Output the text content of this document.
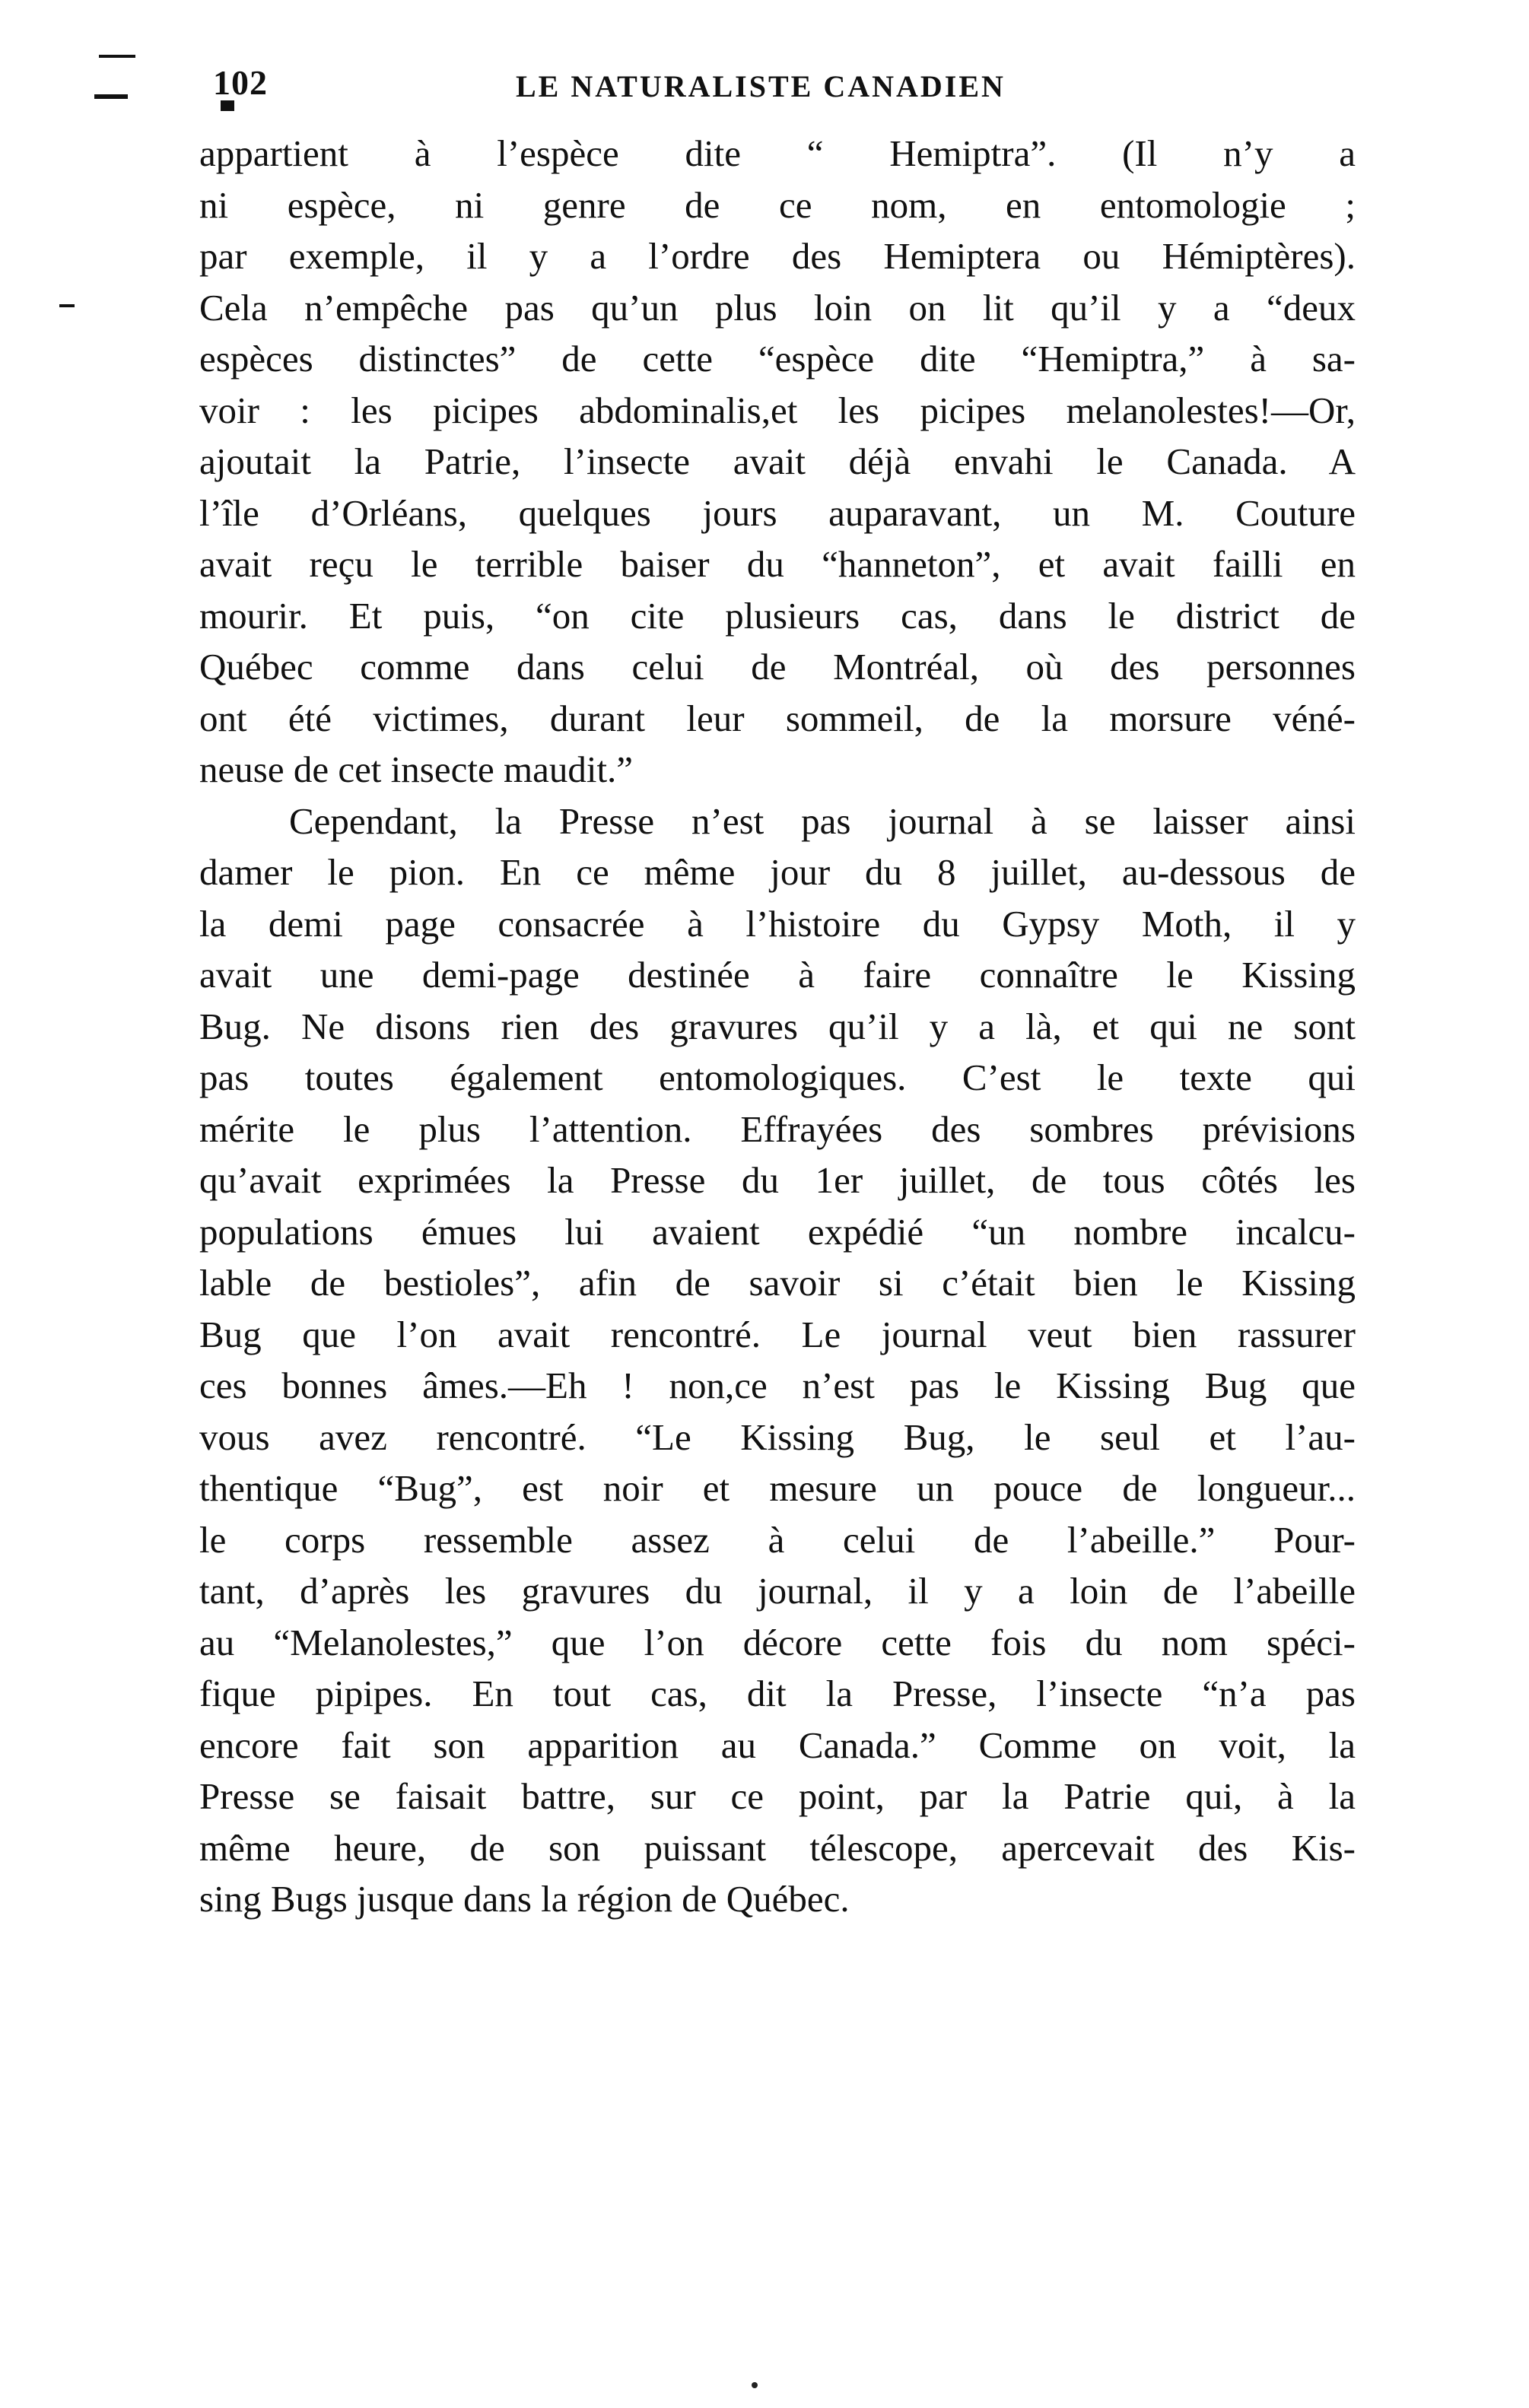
102	LE NATURALISTE CANADIEN
appartient à l’espèce dite “ Hemiptra”. (Il n’y a
ni espèce, ni genre de ce nom, en entomologie ;
par exemple, il y a l’ordre des Hemiptera ou Hémiptères).
Cela n’empêche pas qu’un plus loin on lit qu’il y a “deux
espèces distinctes” de cette “espèce dite “Hemiptra,” à sa-
voir : les picipes abdominalis,et les picipes melanolestes!—Or,
ajoutait la Patrie, l’insecte avait déjà envahi le Canada. A
l’île d’Orléans, quelques jours auparavant, un M. Couture
avait reçu le terrible baiser du “hanneton”, et avait failli en
mourir. Et puis, “on cite plusieurs cas, dans le district de
Québec comme dans celui de Montréal, où des personnes
ont été victimes, durant leur sommeil, de la morsure véné-
neuse de cet insecte maudit.”
Cependant, la Presse n’est pas journal à se laisser ainsi
damer le pion. En ce même jour du 8 juillet, au-dessous de
la demi page consacrée à l’histoire du Gypsy Moth, il y
avait une demi-page destinée à faire connaître le Kissing
Bug. Ne disons rien des gravures qu’il y a là, et qui ne sont
pas toutes également entomologiques. C’est le texte qui
mérite le plus l’attention. Effrayées des sombres prévisions
qu’avait exprimées la Presse du 1er juillet, de tous côtés les
populations émues lui avaient expédié “un nombre incalcu-
lable de bestioles”, afin de savoir si c’était bien le Kissing
Bug que l’on avait rencontré. Le journal veut bien rassurer
ces bonnes âmes.—Eh ! non,ce n’est pas le Kissing Bug que
vous avez rencontré. “Le Kissing Bug, le seul et l’au-
thentique “Bug”, est noir et mesure un pouce de longueur...
le corps ressemble assez à celui de l’abeille.” Pour-
tant, d’après les gravures du journal, il y a loin de l’abeille
au “Melanolestes,” que l’on décore cette fois du nom spéci-
fique pipipes. En tout cas, dit la Presse, l’insecte “n’a pas
encore fait son apparition au Canada.” Comme on voit, la
Presse se faisait battre, sur ce point, par la Patrie qui, à la
même heure, de son puissant télescope, apercevait des Kis-
sing Bugs jusque dans la région de Québec.
